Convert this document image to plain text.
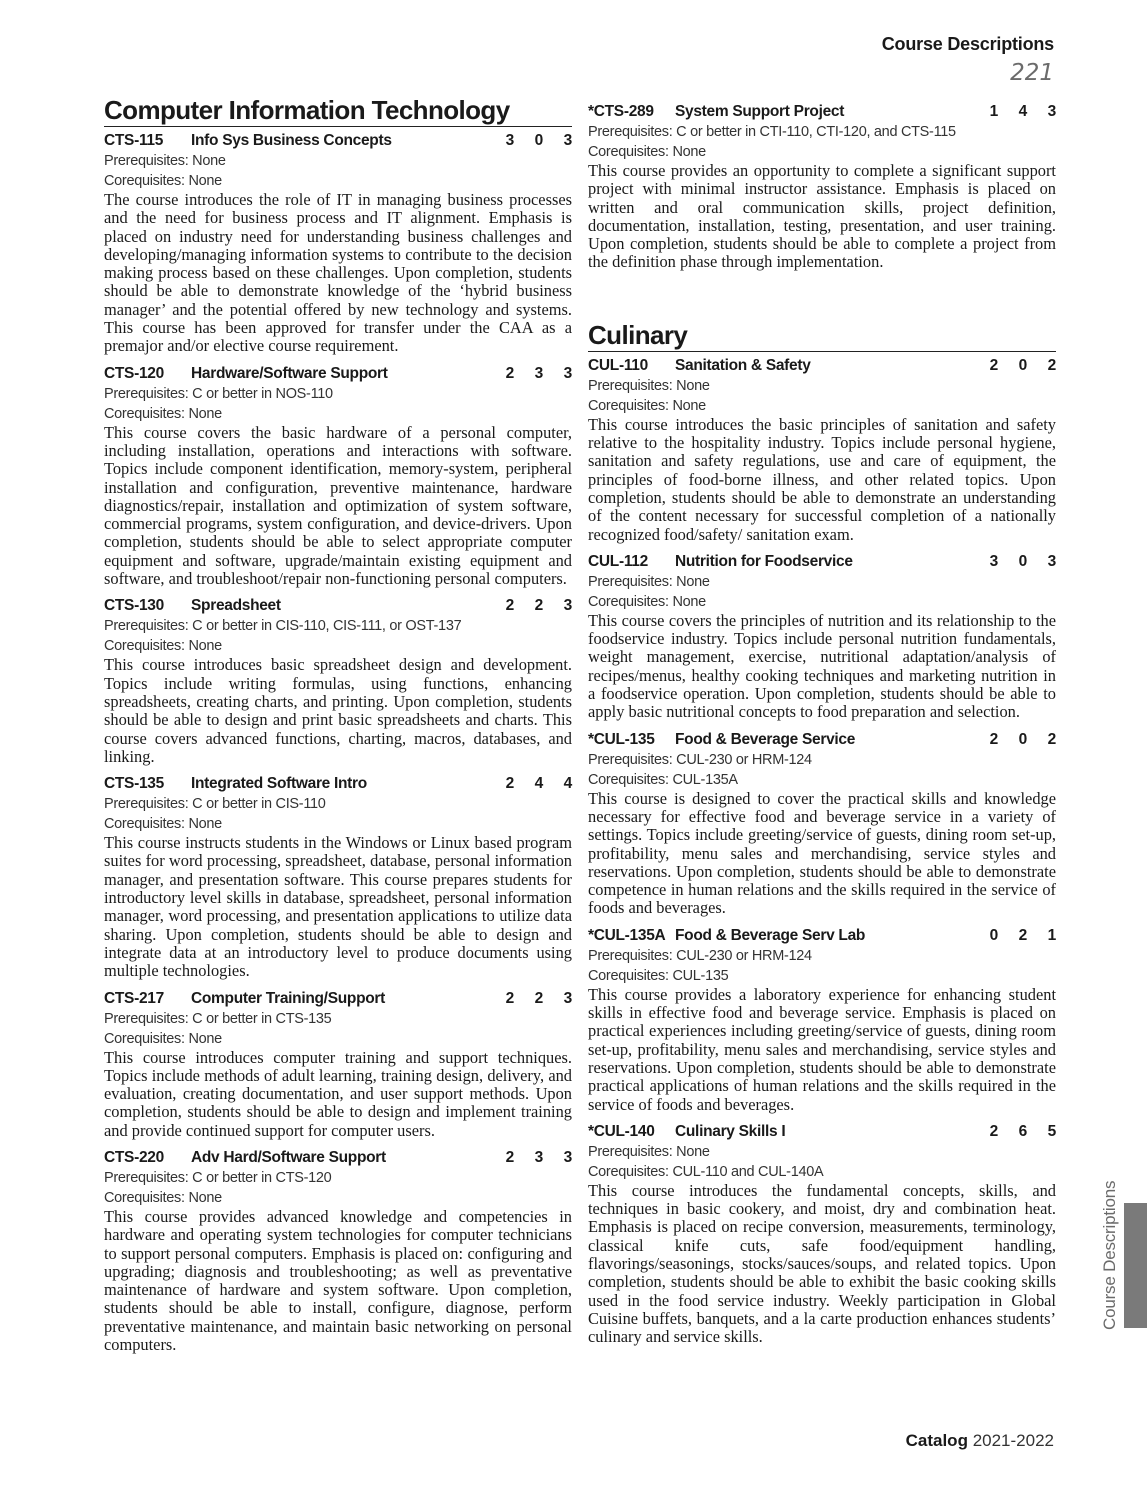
Course Descriptions
221
Computer Information Technology
CTS-115	Info Sys Business Concepts	3	0	3
Prerequisites: None
Corequisites: None

The course introduces the role of IT in managing business processes and the need for business process and IT alignment. Emphasis is placed on industry need for understanding business challenges and developing/managing information systems to contribute to the decision making process based on these challenges. Upon completion, students should be able to demonstrate knowledge of the ‘hybrid business manager’ and the potential offered by new technology and systems. This course has been approved for transfer under the CAA as a premajor and/or elective course requirement.

CTS-120	Hardware/Software Support	2	3	3
Prerequisites: C or better in NOS-110
Corequisites: None

This course covers the basic hardware of a personal computer, including installation, operations and interactions with software. Topics include component identification, memory-system, peripheral installation and configuration, preventive maintenance, hardware diagnostics/repair, installation and optimization of system software, commercial programs, system configuration, and device-drivers. Upon completion, students should be able to select appropriate computer equipment and software, upgrade/maintain existing equipment and software, and troubleshoot/repair non-functioning personal computers.

CTS-130	Spreadsheet	2	2	3
Prerequisites: C or better in CIS-110, CIS-111, or OST-137
Corequisites: None

This course introduces basic spreadsheet design and development. Topics include writing formulas, using functions, enhancing spreadsheets, creating charts, and printing. Upon completion, students should be able to design and print basic spreadsheets and charts. This course covers advanced functions, charting, macros, databases, and linking.

CTS-135	Integrated Software Intro	2	4	4
Prerequisites: C or better in CIS-110
Corequisites: None

This course instructs students in the Windows or Linux based program suites for word processing, spreadsheet, database, personal information manager, and presentation software. This course prepares students for introductory level skills in database, spreadsheet, personal information manager, word processing, and presentation applications to utilize data sharing. Upon completion, students should be able to design and integrate data at an introductory level to produce documents using multiple technologies.

CTS-217	Computer Training/Support	2	2	3
Prerequisites: C or better in CTS-135
Corequisites: None

This course introduces computer training and support techniques. Topics include methods of adult learning, training design, delivery, and evaluation, creating documentation, and user support methods. Upon completion, students should be able to design and implement training and provide continued support for computer users.

CTS-220	Adv Hard/Software Support	2	3	3
Prerequisites: C or better in CTS-120
Corequisites: None

This course provides advanced knowledge and competencies in hardware and operating system technologies for computer technicians to support personal computers. Emphasis is placed on: configuring and upgrading; diagnosis and troubleshooting; as well as preventative maintenance of hardware and system software. Upon completion, students should be able to install, configure, diagnose, perform preventative maintenance, and maintain basic networking on personal computers.

*CTS-289	System Support Project	1	4	3
Prerequisites: C or better in CTI-110, CTI-120, and CTS-115
Corequisites: None

This course provides an opportunity to complete a significant support project with minimal instructor assistance. Emphasis is placed on written and oral communication skills, project definition, documentation, installation, testing, presentation, and user training. Upon completion, students should be able to complete a project from the definition phase through implementation.

Culinary
CUL-110	Sanitation & Safety	2	0	2
Prerequisites: None
Corequisites: None

This course introduces the basic principles of sanitation and safety relative to the hospitality industry. Topics include personal hygiene, sanitation and safety regulations, use and care of equipment, the principles of food-borne illness, and other related topics. Upon completion, students should be able to demonstrate an understanding of the content necessary for successful completion of a nationally recognized food/safety/ sanitation exam.

CUL-112	Nutrition for Foodservice	3	0	3
Prerequisites: None
Corequisites: None

This course covers the principles of nutrition and its relationship to the foodservice industry. Topics include personal nutrition fundamentals, weight management, exercise, nutritional adaptation/analysis of recipes/menus, healthy cooking techniques and marketing nutrition in a foodservice operation. Upon completion, students should be able to apply basic nutritional concepts to food preparation and selection.

*CUL-135	Food & Beverage Service	2	0	2
Prerequisites: CUL-230 or HRM-124
Corequisites: CUL-135A

This course is designed to cover the practical skills and knowledge necessary for effective food and beverage service in a variety of settings. Topics include greeting/service of guests, dining room set-up, profitability, menu sales and merchandising, service styles and reservations. Upon completion, students should be able to demonstrate competence in human relations and the skills required in the service of foods and beverages.

*CUL-135A Food & Beverage Serv Lab	0	2	1
Prerequisites: CUL-230 or HRM-124
Corequisites: CUL-135

This course provides a laboratory experience for enhancing student skills in effective food and beverage service. Emphasis is placed on practical experiences including greeting/service of guests, dining room set-up, profitability, menu sales and merchandising, service styles and reservations. Upon completion, students should be able to demonstrate practical applications of human relations and the skills required in the service of foods and beverages.

*CUL-140	Culinary Skills I	2	6	5
Prerequisites: None
Corequisites: CUL-110 and CUL-140A

This course introduces the fundamental concepts, skills, and techniques in basic cookery, and moist, dry and combination heat. Emphasis is placed on recipe conversion, measurements, terminology, classical knife cuts, safe food/equipment handling, flavorings/seasonings, stocks/sauces/soups, and related topics. Upon completion, students should be able to exhibit the basic cooking skills used in the food service industry. Weekly participation in Global Cuisine buffets, banquets, and a la carte production enhances students’ culinary and service skills.

Course Descriptions
Catalog 2021-2022
